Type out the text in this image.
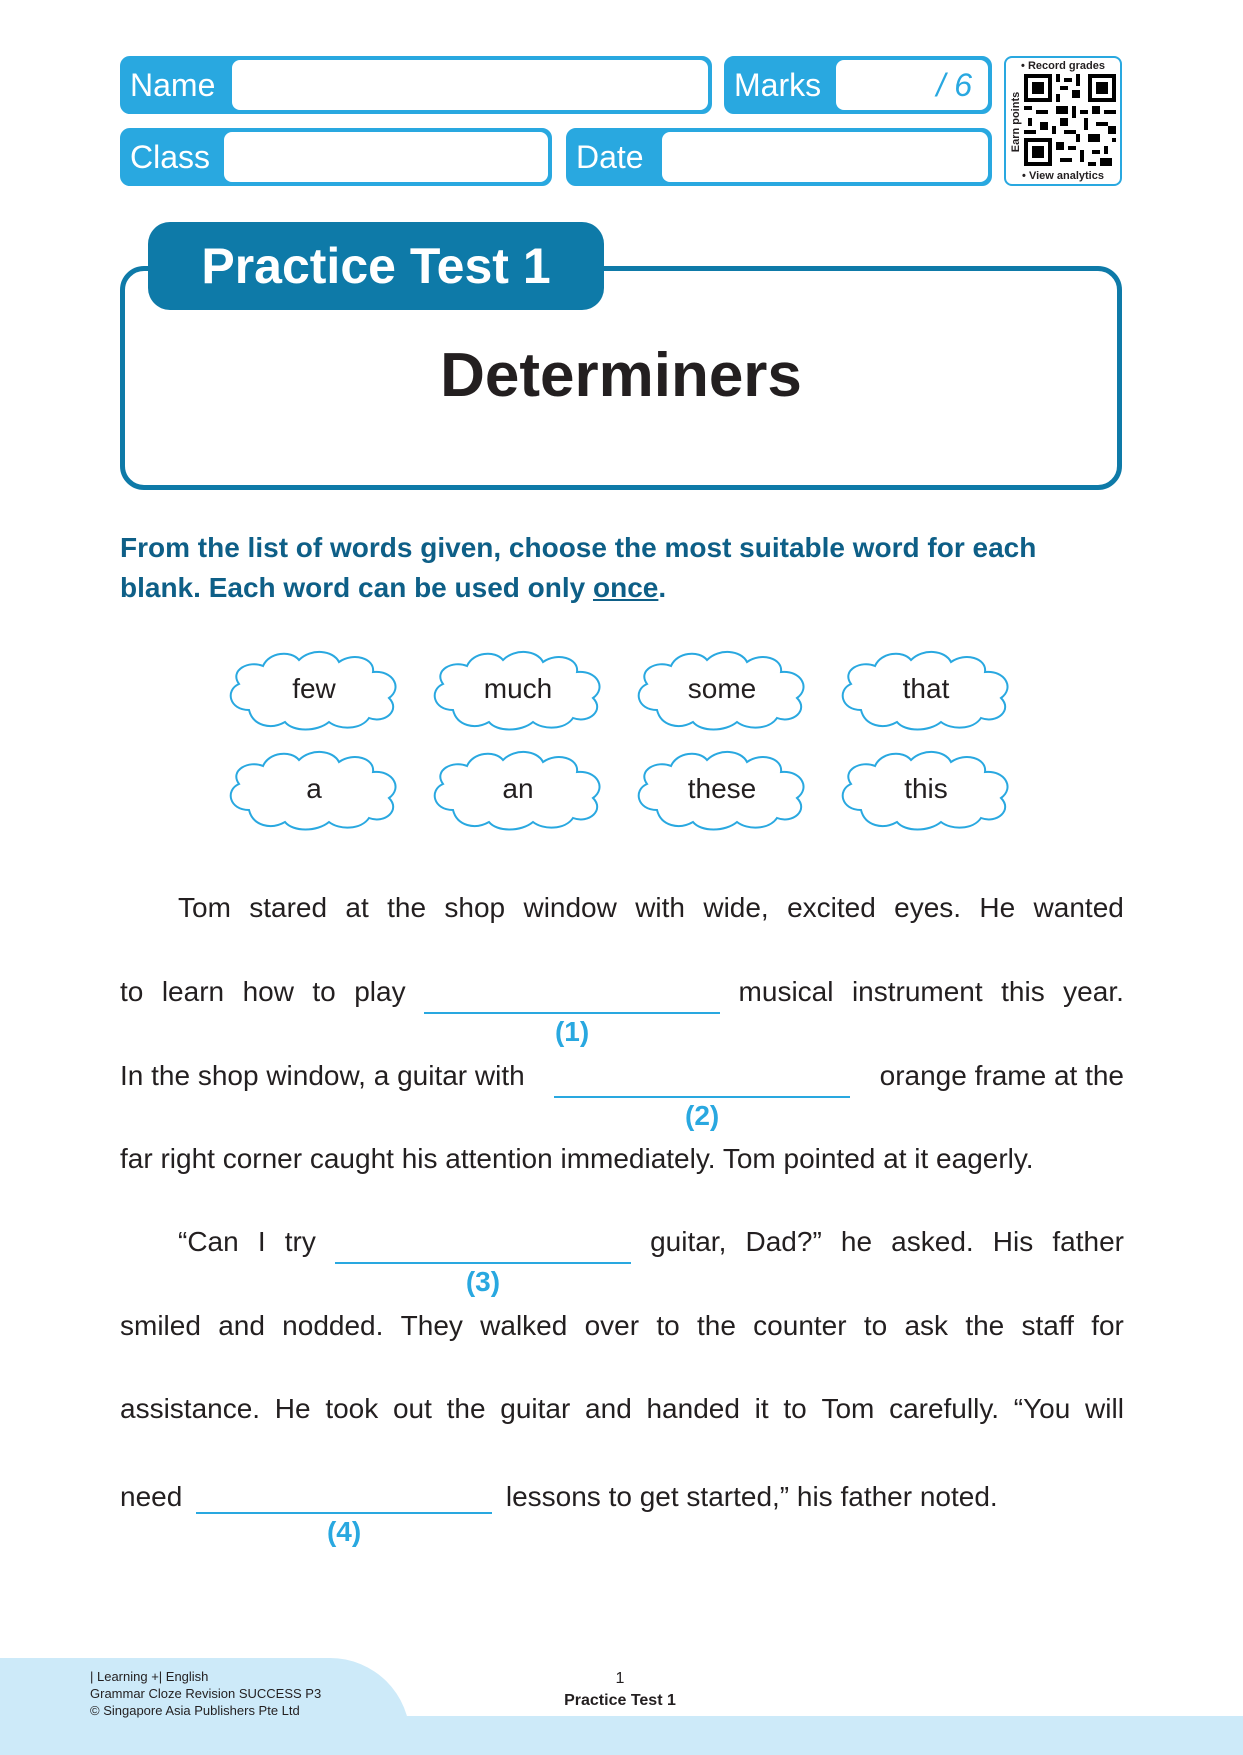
Name	Marks	/ 6
Class	Date
• Record grades
Earn points
• View analytics
Practice Test 1
Determiners
From the list of words given, choose the most suitable word for each blank. Each word can be used only once.
few	much	some	that
a	an	these	this
Tom stared at the shop window with wide, excited eyes. He wanted
to learn how to play
(1)
musical instrument this year.
In the shop window, a guitar with
(2)
orange frame at the
far right corner caught his attention immediately. Tom pointed at it eagerly.
“Can I try
(3)
guitar, Dad?” he asked. His father
smiled and nodded. They walked over to the counter to ask the staff for
assistance. He took out the guitar and handed it to Tom carefully. “You will
need
(4)
lessons to get started,” his father noted.
| Learning +| English
Grammar Cloze Revision SUCCESS P3
© Singapore Asia Publishers Pte Ltd
1
Practice Test 1
